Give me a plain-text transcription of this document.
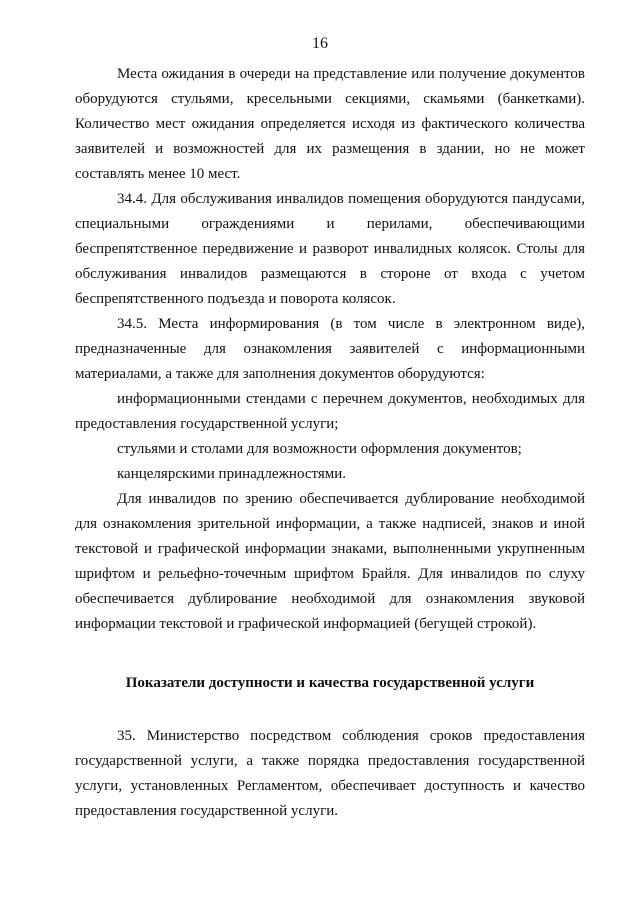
16

Места ожидания в очереди на представление или получение документов оборудуются стульями, кресельными секциями, скамьями (банкетками). Количество мест ожидания определяется исходя из фактического количества заявителей и возможностей для их размещения в здании, но не может составлять менее 10 мест.

34.4. Для обслуживания инвалидов помещения оборудуются пандусами, специальными ограждениями и перилами, обеспечивающими беспрепятственное передвижение и разворот инвалидных колясок. Столы для обслуживания инвалидов размещаются в стороне от входа с учетом беспрепятственного подъезда и поворота колясок.

34.5. Места информирования (в том числе в электронном виде), предназначенные для ознакомления заявителей с информационными материалами, а также для заполнения документов оборудуются:

информационными стендами с перечнем документов, необходимых для предоставления государственной услуги;

стульями и столами для возможности оформления документов;

канцелярскими принадлежностями.

Для инвалидов по зрению обеспечивается дублирование необходимой для ознакомления зрительной информации, а также надписей, знаков и иной текстовой и графической информации знаками, выполненными укрупненным шрифтом и рельефно-точечным шрифтом Брайля. Для инвалидов по слуху обеспечивается дублирование необходимой для ознакомления звуковой информации текстовой и графической информацией (бегущей строкой).

Показатели доступности и качества государственной услуги

35. Министерство посредством соблюдения сроков предоставления государственной услуги, а также порядка предоставления государственной услуги, установленных Регламентом, обеспечивает доступность и качество предоставления государственной услуги.
